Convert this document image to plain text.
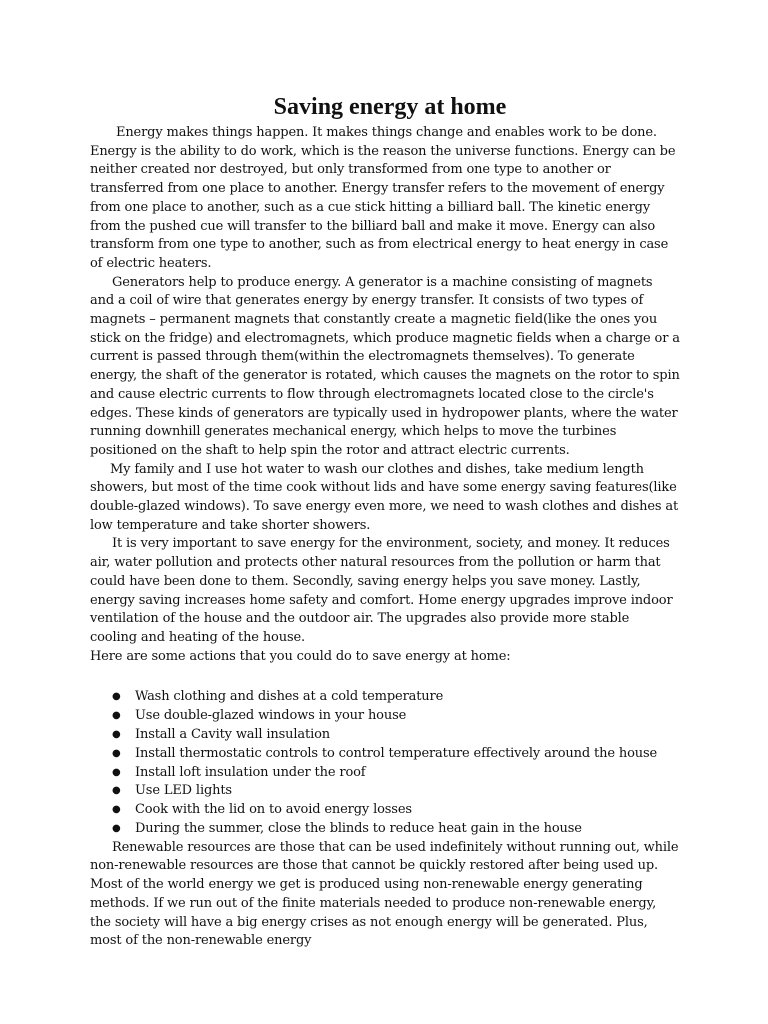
Saving energy at home

Energy makes things happen. It makes things change and enables work to be done. Energy is the ability to do work, which is the reason the universe functions. Energy can be neither created nor destroyed, but only transformed from one type to another or transferred from one place to another. Energy transfer refers to the movement of energy from one place to another, such as a cue stick hitting a billiard ball. The kinetic energy from the pushed cue will transfer to the billiard ball and make it move. Energy can also transform from one type to another, such as from electrical energy to heat energy in case of electric heaters.

Generators help to produce energy. A generator is a machine consisting of magnets and a coil of wire that generates energy by energy transfer. It consists of two types of magnets – permanent magnets that constantly create a magnetic field(like the ones you stick on the fridge) and electromagnets, which produce magnetic fields when a charge or a current is passed through them(within the electromagnets themselves). To generate energy, the shaft of the generator is rotated, which causes the magnets on the rotor to spin and cause electric currents to flow through electromagnets located close to the circle's edges. These kinds of generators are typically used in hydropower plants, where the water running downhill generates mechanical energy, which helps to move the turbines positioned on the shaft to help spin the rotor and attract electric currents.

My family and I use hot water to wash our clothes and dishes, take medium length showers, but most of the time cook without lids and have some energy saving features(like double-glazed windows). To save energy even more, we need to wash clothes and dishes at low temperature and take shorter showers.

It is very important to save energy for the environment, society, and money. It reduces air, water pollution and protects other natural resources from the pollution or harm that could have been done to them. Secondly, saving energy helps you save money. Lastly, energy saving increases home safety and comfort. Home energy upgrades improve indoor ventilation of the house and the outdoor air. The upgrades also provide more stable cooling and heating of the house.

Here are some actions that you could do to save energy at home:

● Wash clothing and dishes at a cold temperature
● Use double-glazed windows in your house
● Install a Cavity wall insulation
● Install thermostatic controls to control temperature effectively around the house
● Install loft insulation under the roof
● Use LED lights
● Cook with the lid on to avoid energy losses
● During the summer, close the blinds to reduce heat gain in the house

Renewable resources are those that can be used indefinitely without running out, while non-renewable resources are those that cannot be quickly restored after being used up. Most of the world energy we get is produced using non-renewable energy generating methods. If we run out of the finite materials needed to produce non-renewable energy, the society will have a big energy crises as not enough energy will be generated. Plus, most of the non-renewable energy
